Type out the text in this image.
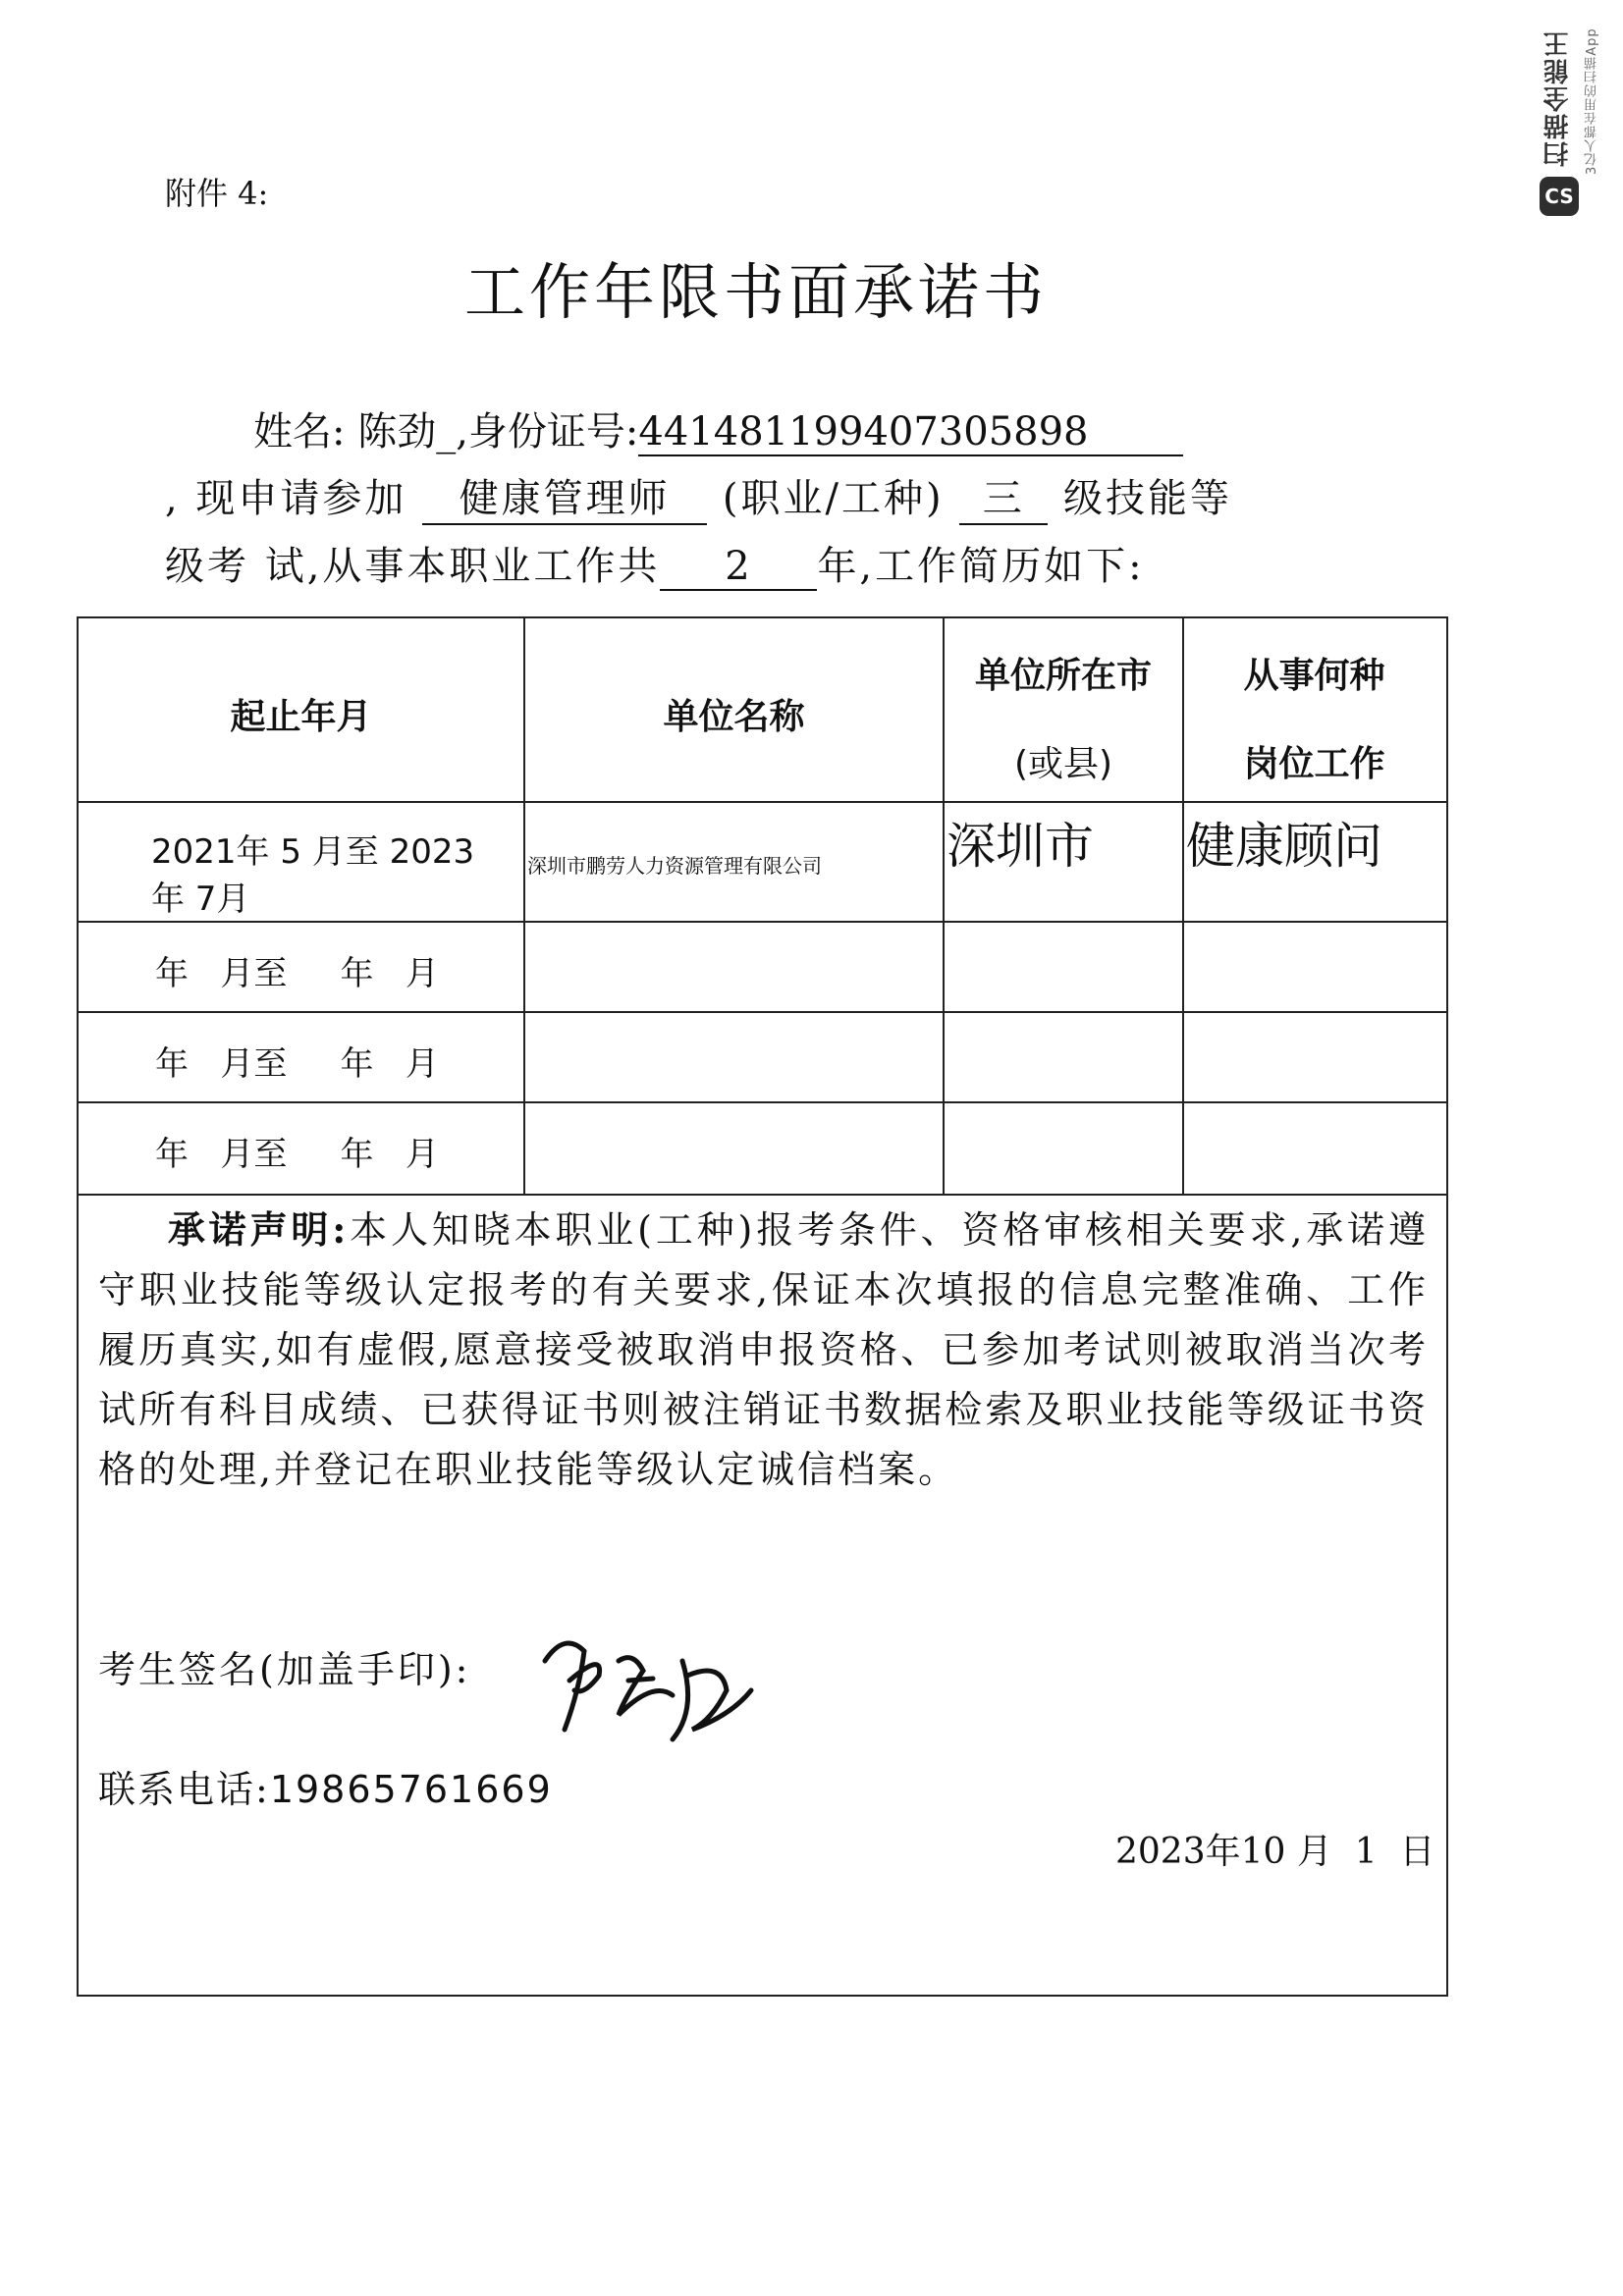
扫描全能王
CS
3亿人都在用的扫描App
附件 4:
工作年限书面承诺书
姓名: 陈劲_,身份证号:441481199407305898
, 现申请参加 健康管理师 (职业/工种) 三 级技能等
级考 试,从事本职业工作共 2 年,工作简历如下:
起止年月	单位名称
单位所在市
(或县)
从事何种
岗位工作
2021年 5 月至 2023
年 7月
深圳市鹏劳人力资源管理有限公司	深圳市 健康顾问
年   月至     年   月
年   月至     年   月
年   月至     年   月
承诺声明:本人知晓本职业(工种)报考条件、资格审核相关要求,承诺遵守职业技能等级认定报考的有关要求,保证本次填报的信息完整准确、工作履历真实,如有虚假,愿意接受被取消申报资格、已参加考试则被取消当次考试所有科目成绩、已获得证书则被注销证书数据检索及职业技能等级证书资格的处理,并登记在职业技能等级认定诚信档案。
考生签名(加盖手印):
联系电话:19865761669
2023年10 月  1  日
